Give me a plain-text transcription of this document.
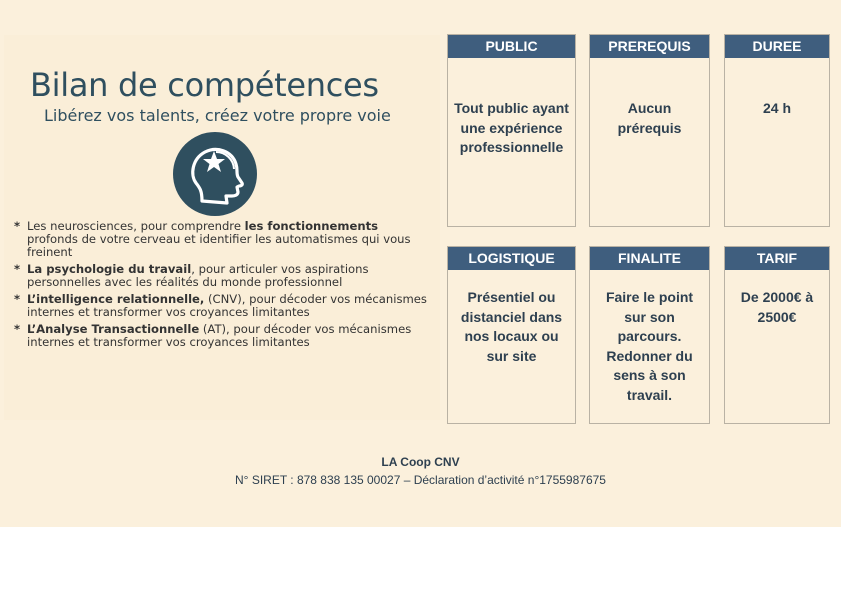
Bilan de compétences
Libérez vos talents, créez votre propre voie
* Les neurosciences, pour comprendre les fonctionnements profonds de votre cerveau et identifier les automatismes qui vous freinent
* La psychologie du travail, pour articuler vos aspirations personnelles avec les réalités du monde professionnel
* L’intelligence relationnelle, (CNV), pour décoder vos mécanismes internes et transformer vos croyances limitantes
* L’Analyse Transactionnelle (AT), pour décoder vos mécanismes internes et transformer vos croyances limitantes
PUBLIC
Tout public ayant une expérience professionnelle
PREREQUIS
Aucun prérequis
DUREE
24 h
LOGISTIQUE
Présentiel ou distanciel dans nos locaux ou sur site
FINALITE
Faire le point sur son parcours. Redonner du sens à son travail.
TARIF
De 2000€ à 2500€
LA Coop CNV
N° SIRET : 878 838 135 00027 – Déclaration d’activité n°1755987675
